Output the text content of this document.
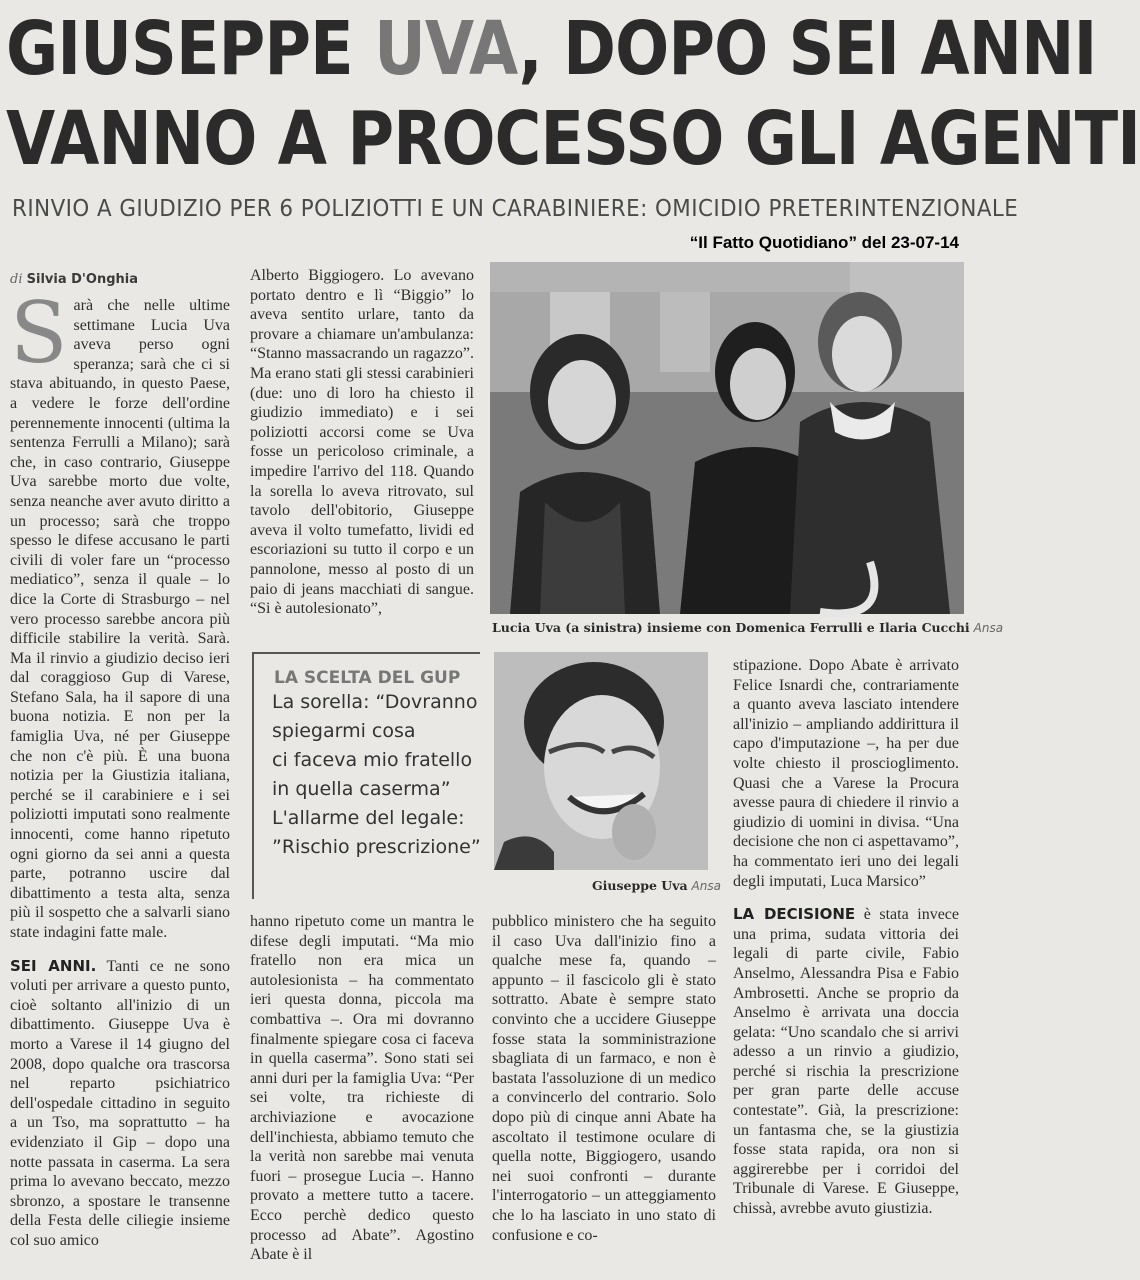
GIUSEPPE UVA, DOPO SEI ANNI
VANNO A PROCESSO GLI AGENTI
RINVIO A GIUDIZIO PER 6 POLIZIOTTI E UN CARABINIERE: OMICIDIO PRETERINTENZIONALE
“Il Fatto Quotidiano” del 23-07-14
di Silvia D'Onghia

Sarà che nelle ultime settimane Lucia Uva aveva perso ogni speranza; sarà che ci si stava abituando, in questo Paese, a vedere le forze dell'ordine perennemente innocenti (ultima la sentenza Ferrulli a Milano); sarà che, in caso contrario, Giuseppe Uva sarebbe morto due volte, senza neanche aver avuto diritto a un processo; sarà che troppo spesso le difese accusano le parti civili di voler fare un “processo mediatico”, senza il quale – lo dice la Corte di Strasburgo – nel vero processo sarebbe ancora più difficile stabilire la verità. Sarà. Ma il rinvio a giudizio deciso ieri dal coraggioso Gup di Varese, Stefano Sala, ha il sapore di una buona notizia. E non per la famiglia Uva, né per Giuseppe che non c'è più. È una buona notizia per la Giustizia italiana, perché se il carabiniere e i sei poliziotti imputati sono realmente innocenti, come hanno ripetuto ogni giorno da sei anni a questa parte, potranno uscire dal dibattimento a testa alta, senza più il sospetto che a salvarli siano state indagini fatte male.

SEI ANNI. Tanti ce ne sono voluti per arrivare a questo punto, cioè soltanto all'inizio di un dibattimento. Giuseppe Uva è morto a Varese il 14 giugno del 2008, dopo qualche ora trascorsa nel reparto psichiatrico dell'ospedale cittadino in seguito a un Tso, ma soprattutto – ha evidenziato il Gip – dopo una notte passata in caserma. La sera prima lo avevano beccato, mezzo sbronzo, a spostare le transenne della Festa delle ciliegie insieme col suo amico

Alberto Biggiogero. Lo avevano portato dentro e lì “Biggio” lo aveva sentito urlare, tanto da provare a chiamare un'ambulanza: “Stanno massacrando un ragazzo”. Ma erano stati gli stessi carabinieri (due: uno di loro ha chiesto il giudizio immediato) e i sei poliziotti accorsi come se Uva fosse un pericoloso criminale, a impedire l'arrivo del 118. Quando la sorella lo aveva ritrovato, sul tavolo dell'obitorio, Giuseppe aveva il volto tumefatto, lividi ed escoriazioni su tutto il corpo e un pannolone, messo al posto di un paio di jeans macchiati di sangue. “Si è autolesionato”,

LA SCELTA DEL GUP
La sorella: “Dovranno
spiegarmi cosa
ci faceva mio fratello
in quella caserma”
L'allarme del legale:
”Rischio prescrizione”

hanno ripetuto come un mantra le difese degli imputati. “Ma mio fratello non era mica un autolesionista – ha commentato ieri questa donna, piccola ma combattiva –. Ora mi dovranno finalmente spiegare cosa ci faceva in quella caserma”. Sono stati sei anni duri per la famiglia Uva: “Per sei volte, tra richieste di archiviazione e avocazione dell'inchiesta, abbiamo temuto che la verità non sarebbe mai venuta fuori – prosegue Lucia –. Hanno provato a mettere tutto a tacere. Ecco perchè dedico questo processo ad Abate”. Agostino Abate è il

Lucia Uva (a sinistra) insieme con Domenica Ferrulli e Ilaria Cucchi Ansa
Giuseppe Uva Ansa

pubblico ministero che ha seguito il caso Uva dall'inizio fino a qualche mese fa, quando – appunto – il fascicolo gli è stato sottratto. Abate è sempre stato convinto che a uccidere Giuseppe fosse stata la somministrazione sbagliata di un farmaco, e non è bastata l'assoluzione di un medico a convincerlo del contrario. Solo dopo più di cinque anni Abate ha ascoltato il testimone oculare di quella notte, Biggiogero, usando nei suoi confronti – durante l'interrogatorio – un atteggiamento che lo ha lasciato in uno stato di confusione e co-

stipazione. Dopo Abate è arrivato Felice Isnardi che, contrariamente a quanto aveva lasciato intendere all'inizio – ampliando addirittura il capo d'imputazione –, ha per due volte chiesto il proscioglimento. Quasi che a Varese la Procura avesse paura di chiedere il rinvio a giudizio di uomini in divisa. “Una decisione che non ci aspettavamo”, ha commentato ieri uno dei legali degli imputati, Luca Marsico”

LA DECISIONE è stata invece una prima, sudata vittoria dei legali di parte civile, Fabio Anselmo, Alessandra Pisa e Fabio Ambrosetti. Anche se proprio da Anselmo è arrivata una doccia gelata: “Uno scandalo che si arrivi adesso a un rinvio a giudizio, perché si rischia la prescrizione per gran parte delle accuse contestate”. Già, la prescrizione: un fantasma che, se la giustizia fosse stata rapida, ora non si aggirerebbe per i corridoi del Tribunale di Varese. E Giuseppe, chissà, avrebbe avuto giustizia.
